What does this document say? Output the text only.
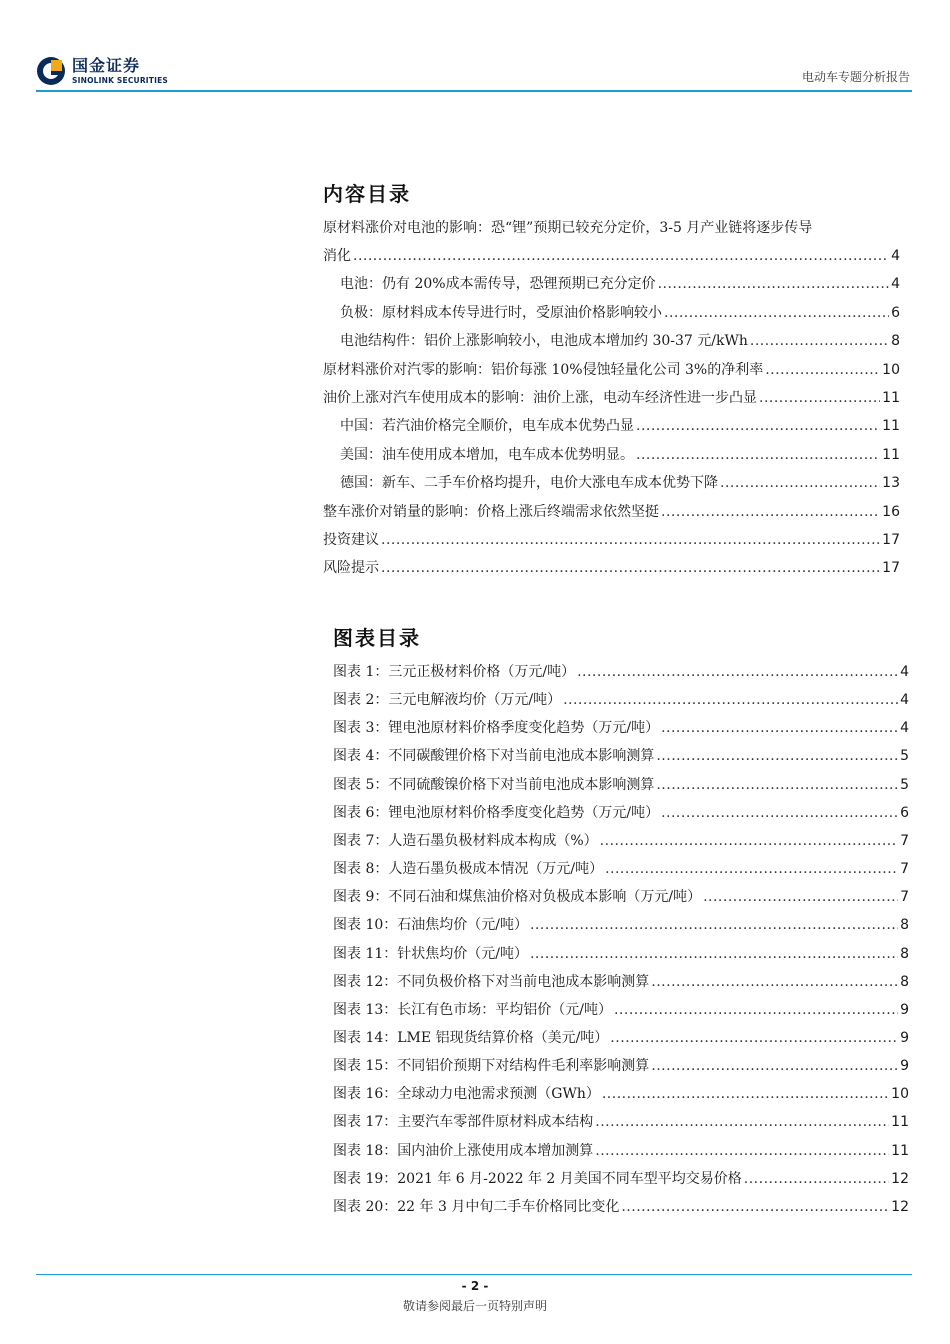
国金证券
SINOLINK SECURITIES	电动车专题分析报告
内容目录
原材料涨价对电池的影响：恐“锂”预期已较充分定价，3-5 月产业链将逐步传导
消化 .....	4
电池：仍有 20%成本需传导，恐锂预期已充分定价 .....	4
负极：原材料成本传导进行时，受原油价格影响较小 .....	6
电池结构件：铝价上涨影响较小，电池成本增加约 30-37 元/kWh .....	8
原材料涨价对汽零的影响：铝价每涨 10%侵蚀轻量化公司 3%的净利率 .....	10
油价上涨对汽车使用成本的影响：油价上涨，电动车经济性进一步凸显 .....	11
中国：若汽油价格完全顺价，电车成本优势凸显 .....	11
美国：油车使用成本增加，电车成本优势明显。 .....	11
德国：新车、二手车价格均提升，电价大涨电车成本优势下降 .....	13
整车涨价对销量的影响：价格上涨后终端需求依然坚挺 .....	16
投资建议 .....	17
风险提示 .....	17
图表目录
图表 1：三元正极材料价格（万元/吨） .....	4
图表 2：三元电解液均价（万元/吨） .....	4
图表 3：锂电池原材料价格季度变化趋势（万元/吨） .....	4
图表 4：不同碳酸锂价格下对当前电池成本影响测算 .....	5
图表 5：不同硫酸镍价格下对当前电池成本影响测算 .....	5
图表 6：锂电池原材料价格季度变化趋势（万元/吨） .....	6
图表 7：人造石墨负极材料成本构成（%） .....	7
图表 8：人造石墨负极成本情况（万元/吨） .....	7
图表 9：不同石油和煤焦油价格对负极成本影响（万元/吨） .....	7
图表 10：石油焦均价（元/吨） .....	8
图表 11：针状焦均价（元/吨） .....	8
图表 12：不同负极价格下对当前电池成本影响测算 .....	8
图表 13：长江有色市场：平均铝价（元/吨） .....	9
图表 14：LME 铝现货结算价格（美元/吨） .....	9
图表 15：不同铝价预期下对结构件毛利率影响测算 .....	9
图表 16：全球动力电池需求预测（GWh） .....	10
图表 17：主要汽车零部件原材料成本结构 .....	11
图表 18：国内油价上涨使用成本增加测算 .....	11
图表 19：2021 年 6 月-2022 年 2 月美国不同车型平均交易价格 .....	12
图表 20：22 年 3 月中旬二手车价格同比变化 .....	12
- 2 -
敬请参阅最后一页特别声明
